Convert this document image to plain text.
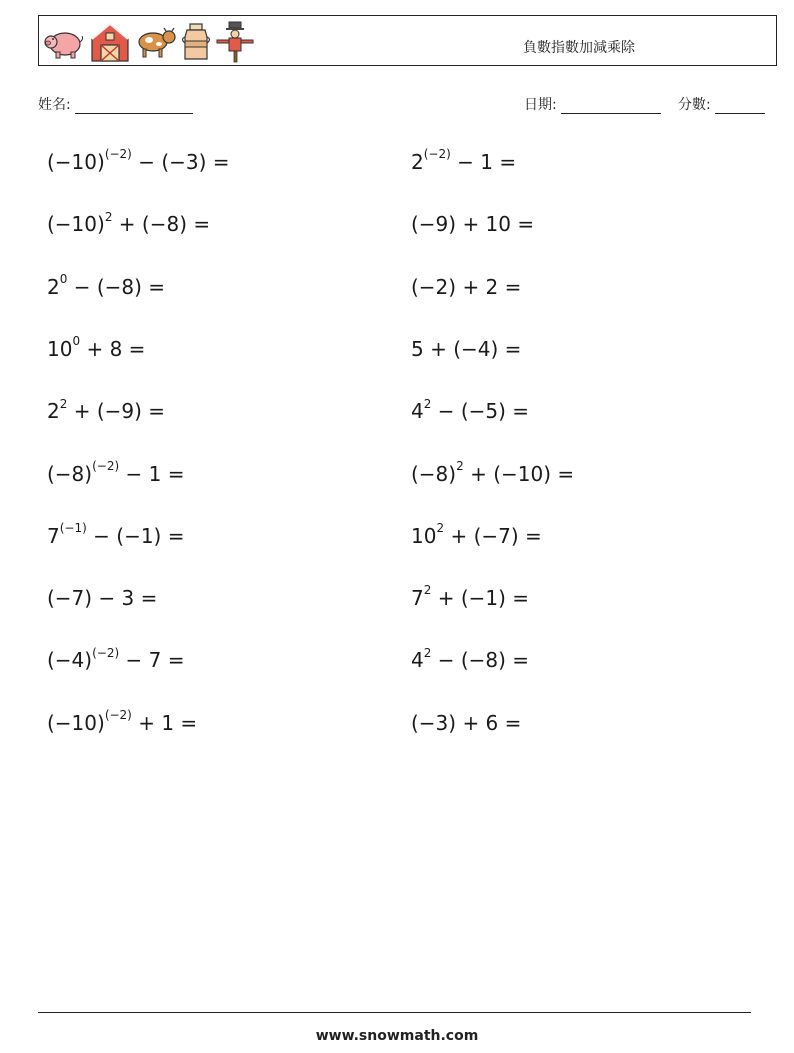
負數指數加減乘除
姓名:	日期:	分數:
$(-10)^{(-2)} - (-3)$ =
$(-10)^2 + (-8)$ =
$2^0 - (-8)$ =
$10^0 + 8$ =
$2^2 + (-9)$ =
$(-8)^{(-2)} - 1$ =
$7^{(-1)} - (-1)$ =
(−7) − 3 =
$(-4)^{(-2)} - 7$ =
$(-10)^{(-2)} + 1$ =
$2^{(-2)} - 1$ =
(−9) + 10 =
(−2) + 2 =
5 + (−4) =
$4^2 - (-5)$ =
$(-8)^2 + (-10)$ =
$10^2 + (-7)$ =
$7^2 + (-1)$ =
$4^2 - (-8)$ =
(−3) + 6 =
www.snowmath.com
